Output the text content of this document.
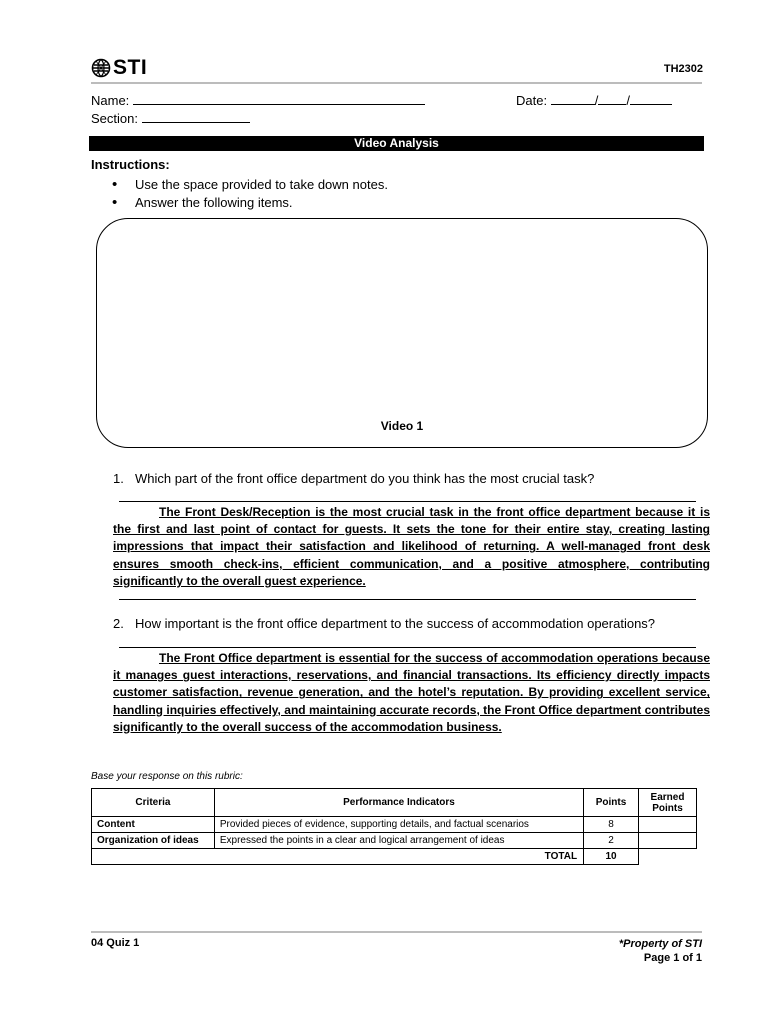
STI	TH2302
Name:	Date:	/ /
Section:
Video Analysis
Instructions:
• Use the space provided to take down notes.
• Answer the following items.
Video 1
1. Which part of the front office department do you think has the most crucial task?

The Front Desk/Reception is the most crucial task in the front office department because it is the first and last point of contact for guests. It sets the tone for their entire stay, creating lasting impressions that impact their satisfaction and likelihood of returning. A well-managed front desk ensures smooth check-ins, efficient communication, and a positive atmosphere, contributing significantly to the overall guest experience.

2. How important is the front office department to the success of accommodation operations?

The Front Office department is essential for the success of accommodation operations because it manages guest interactions, reservations, and financial transactions. Its efficiency directly impacts customer satisfaction, revenue generation, and the hotel’s reputation. By providing excellent service, handling inquiries effectively, and maintaining accurate records, the Front Office department contributes significantly to the overall success of the accommodation business.

Base your response on this rubric:
Criteria	Performance Indicators	Points	Earned
Points
Content	Provided pieces of evidence, supporting details, and factual scenarios	8	
Organization of ideas	Expressed the points in a clear and logical arrangement of ideas	2	
TOTAL		10	
04 Quiz 1	*Property of STI
Page 1 of 1
